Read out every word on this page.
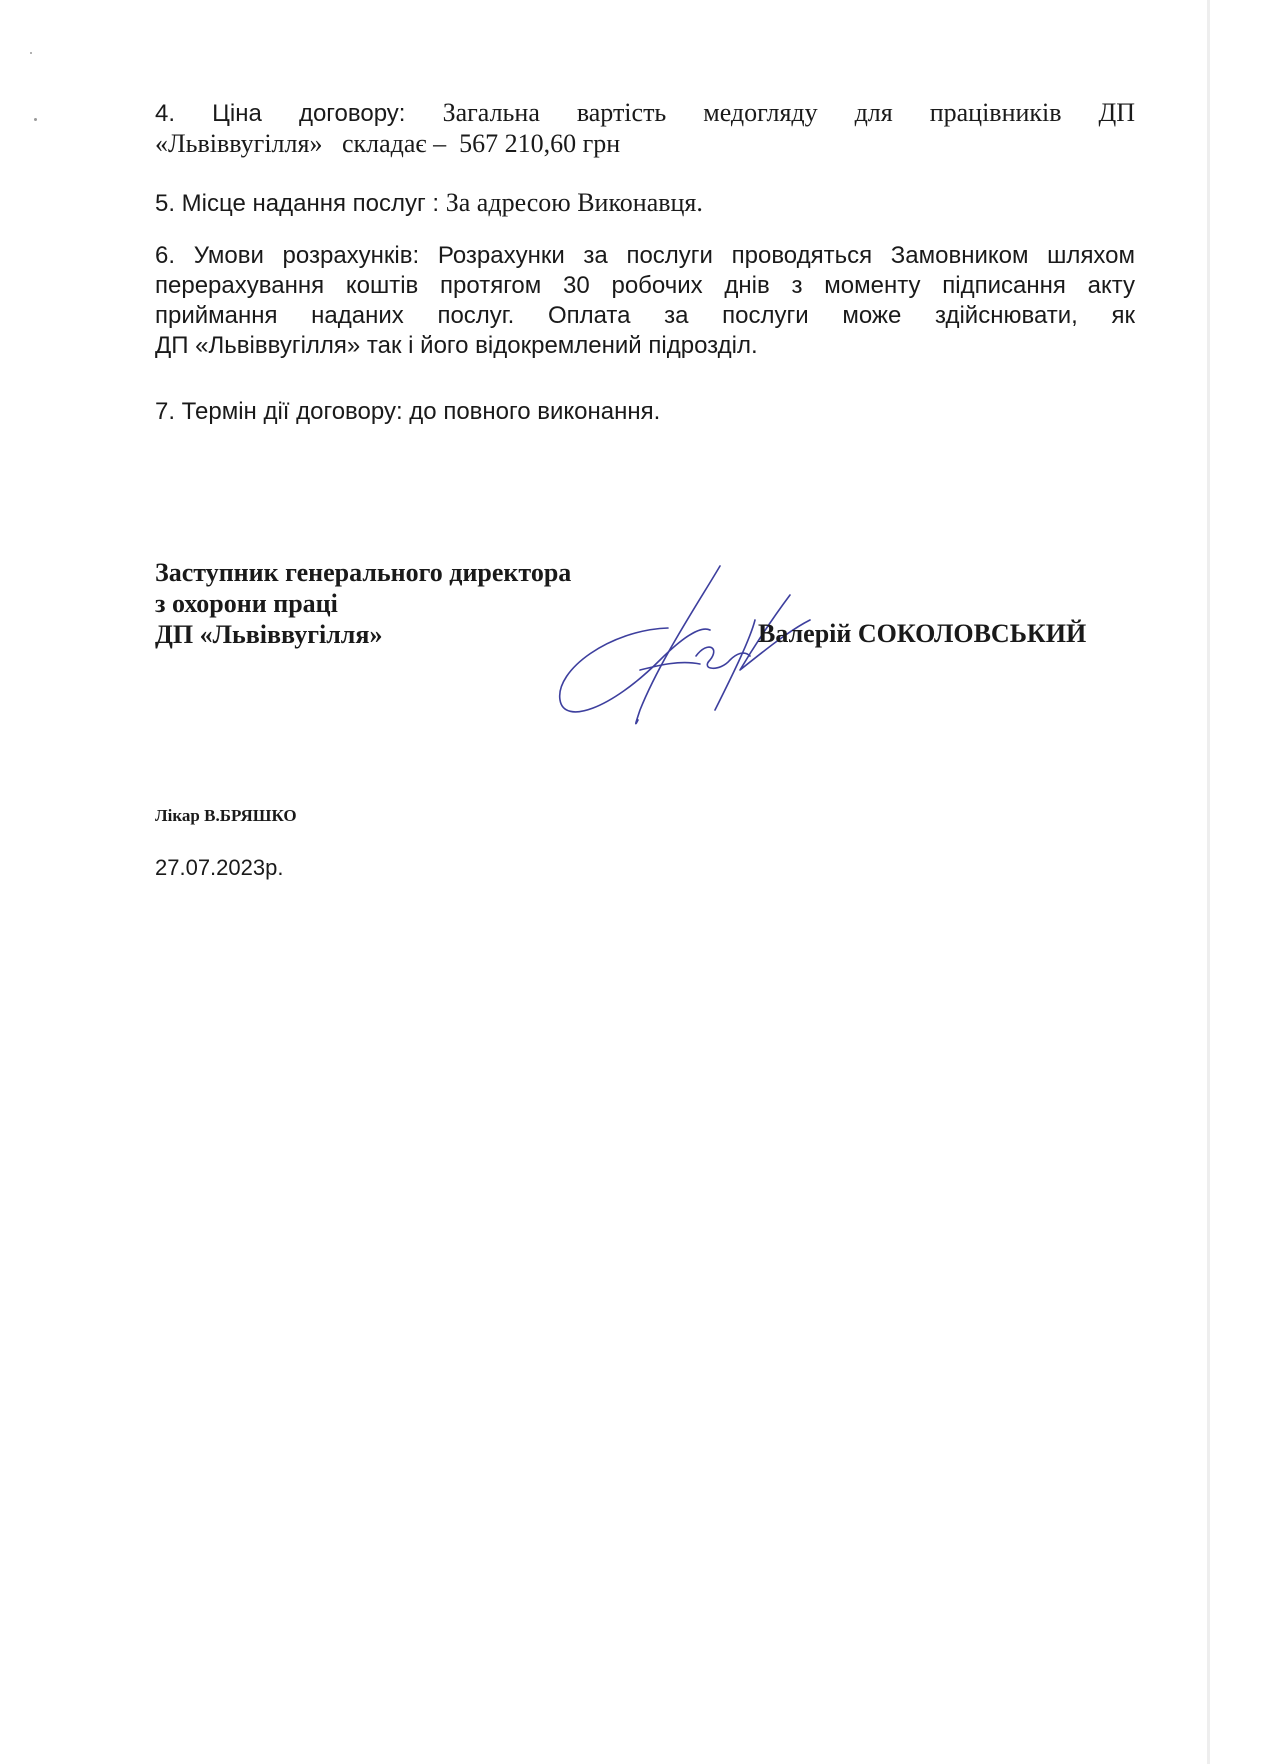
4. Ціна договору: Загальна вартість медогляду для працівників ДП
«Львіввугілля»   складає –  567 210,60 грн

5. Місце надання послуг : За адресою Виконавця.

6. Умови розрахунків: Розрахунки за послуги проводяться Замовником шляхом
перерахування коштів протягом 30 робочих днів з моменту підписання акту
приймання наданих послуг. Оплата за послуги може здійснювати, як
ДП «Львіввугілля» так і його відокремлений підрозділ.

7. Термін дії договору: до повного виконання.

Заступник генерального директора
з охорони праці
ДП «Львіввугілля»	Валерій СОКОЛОВСЬКИЙ
Лікар В.БРЯШКО
27.07.2023р.
